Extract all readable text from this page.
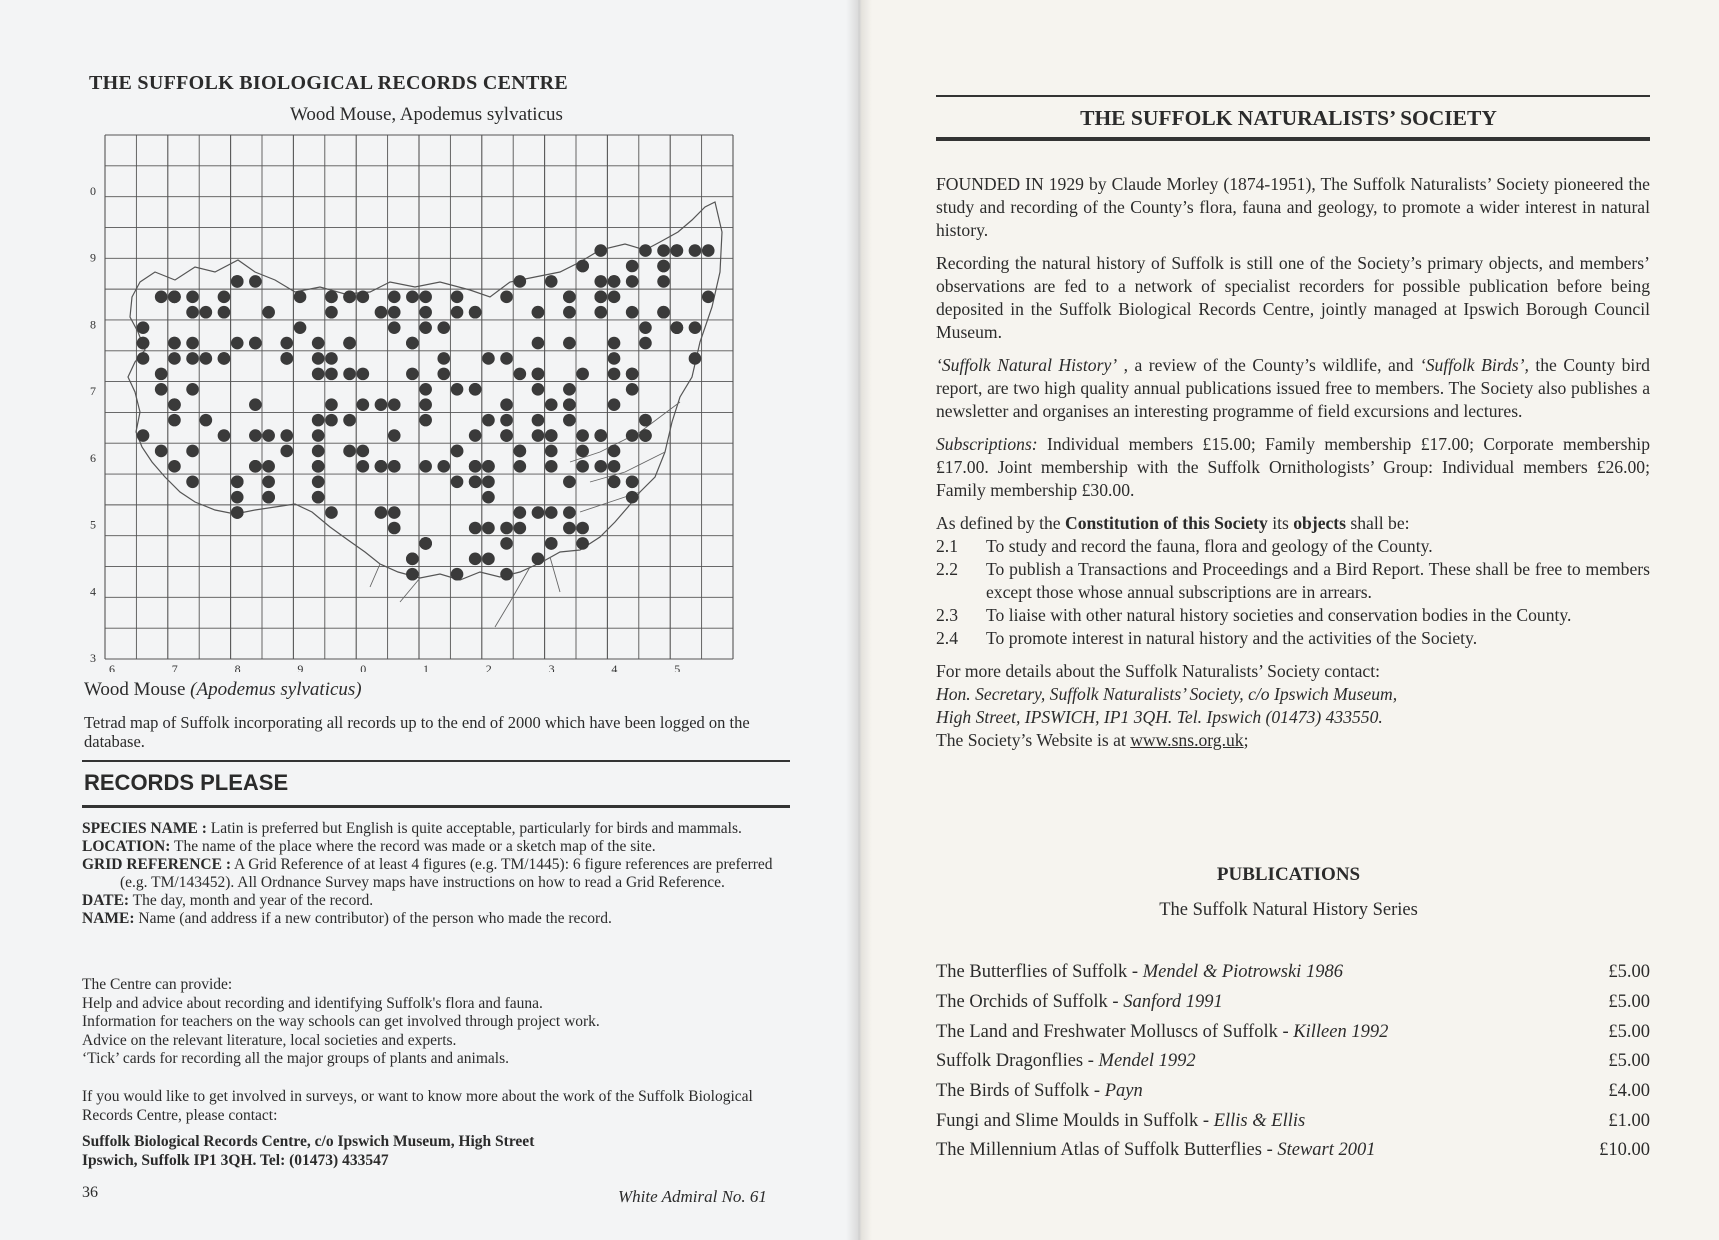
THE SUFFOLK BIOLOGICAL RECORDS CENTRE
Wood Mouse, Apodemus sylvaticus
0
9
8
7
6
5
4
3
6	7	8	9	0	1	2	3	4	5
Wood Mouse (Apodemus sylvaticus)
Tetrad map of Suffolk incorporating all records up to the end of 2000 which have been logged on the database.
RECORDS PLEASE
SPECIES NAME : Latin is preferred but English is quite acceptable, particularly for birds and mammals.
LOCATION: The name of the place where the record was made or a sketch map of the site.
GRID REFERENCE : A Grid Reference of at least 4 figures (e.g. TM/1445): 6 figure references are preferred (e.g. TM/143452). All Ordnance Survey maps have instructions on how to read a Grid Reference.
DATE: The day, month and year of the record.
NAME: Name (and address if a new contributor) of the person who made the record.

The Centre can provide:

Help and advice about recording and identifying Suffolk's flora and fauna.

Information for teachers on the way schools can get involved through project work.

Advice on the relevant literature, local societies and experts.

‘Tick’ cards for recording all the major groups of plants and animals.

If you would like to get involved in surveys, or want to know more about the work of the Suffolk Biological Records Centre, please contact:
Suffolk Biological Records Centre, c/o Ipswich Museum, High Street
Ipswich, Suffolk IP1 3QH. Tel: (01473) 433547
36	White Admiral No. 61
THE SUFFOLK NATURALISTS’ SOCIETY

FOUNDED IN 1929 by Claude Morley (1874-1951), The Suffolk Naturalists’ Society pioneered the study and recording of the County’s flora, fauna and geology, to promote a wider interest in natural history.

Recording the natural history of Suffolk is still one of the Society’s primary objects, and members’ observations are fed to a network of specialist recorders for possible publication before being deposited in the Suffolk Biological Records Centre, jointly managed at Ipswich Borough Council Museum.

‘Suffolk Natural History’ , a review of the County’s wildlife, and ‘Suffolk Birds’, the County bird report, are two high quality annual publications issued free to members. The Society also publishes a newsletter and organises an interesting programme of field excursions and lectures.

Subscriptions: Individual members £15.00; Family membership £17.00; Corporate membership £17.00. Joint membership with the Suffolk Ornithologists’ Group: Individual members £26.00; Family membership £30.00.

As defined by the Constitution of this Society its objects shall be:
2.1	To study and record the fauna, flora and geology of the County.
2.2	To publish a Transactions and Proceedings and a Bird Report. These shall be free to members except those whose annual subscriptions are in arrears.
2.3	To liaise with other natural history societies and conservation bodies in the County.
2.4	To promote interest in natural history and the activities of the Society.
For more details about the Suffolk Naturalists’ Society contact:
Hon. Secretary, Suffolk Naturalists’ Society, c/o Ipswich Museum,
High Street, IPSWICH, IP1 3QH. Tel. Ipswich (01473) 433550.
The Society’s Website is at www.sns.org.uk;
PUBLICATIONS
The Suffolk Natural History Series
The Butterflies of Suffolk - Mendel & Piotrowski 1986	£5.00
The Orchids of Suffolk - Sanford 1991	£5.00
The Land and Freshwater Molluscs of Suffolk - Killeen 1992	£5.00
Suffolk Dragonflies - Mendel 1992	£5.00
The Birds of Suffolk - Payn	£4.00
Fungi and Slime Moulds in Suffolk - Ellis & Ellis	£1.00
The Millennium Atlas of Suffolk Butterflies - Stewart 2001	£10.00
